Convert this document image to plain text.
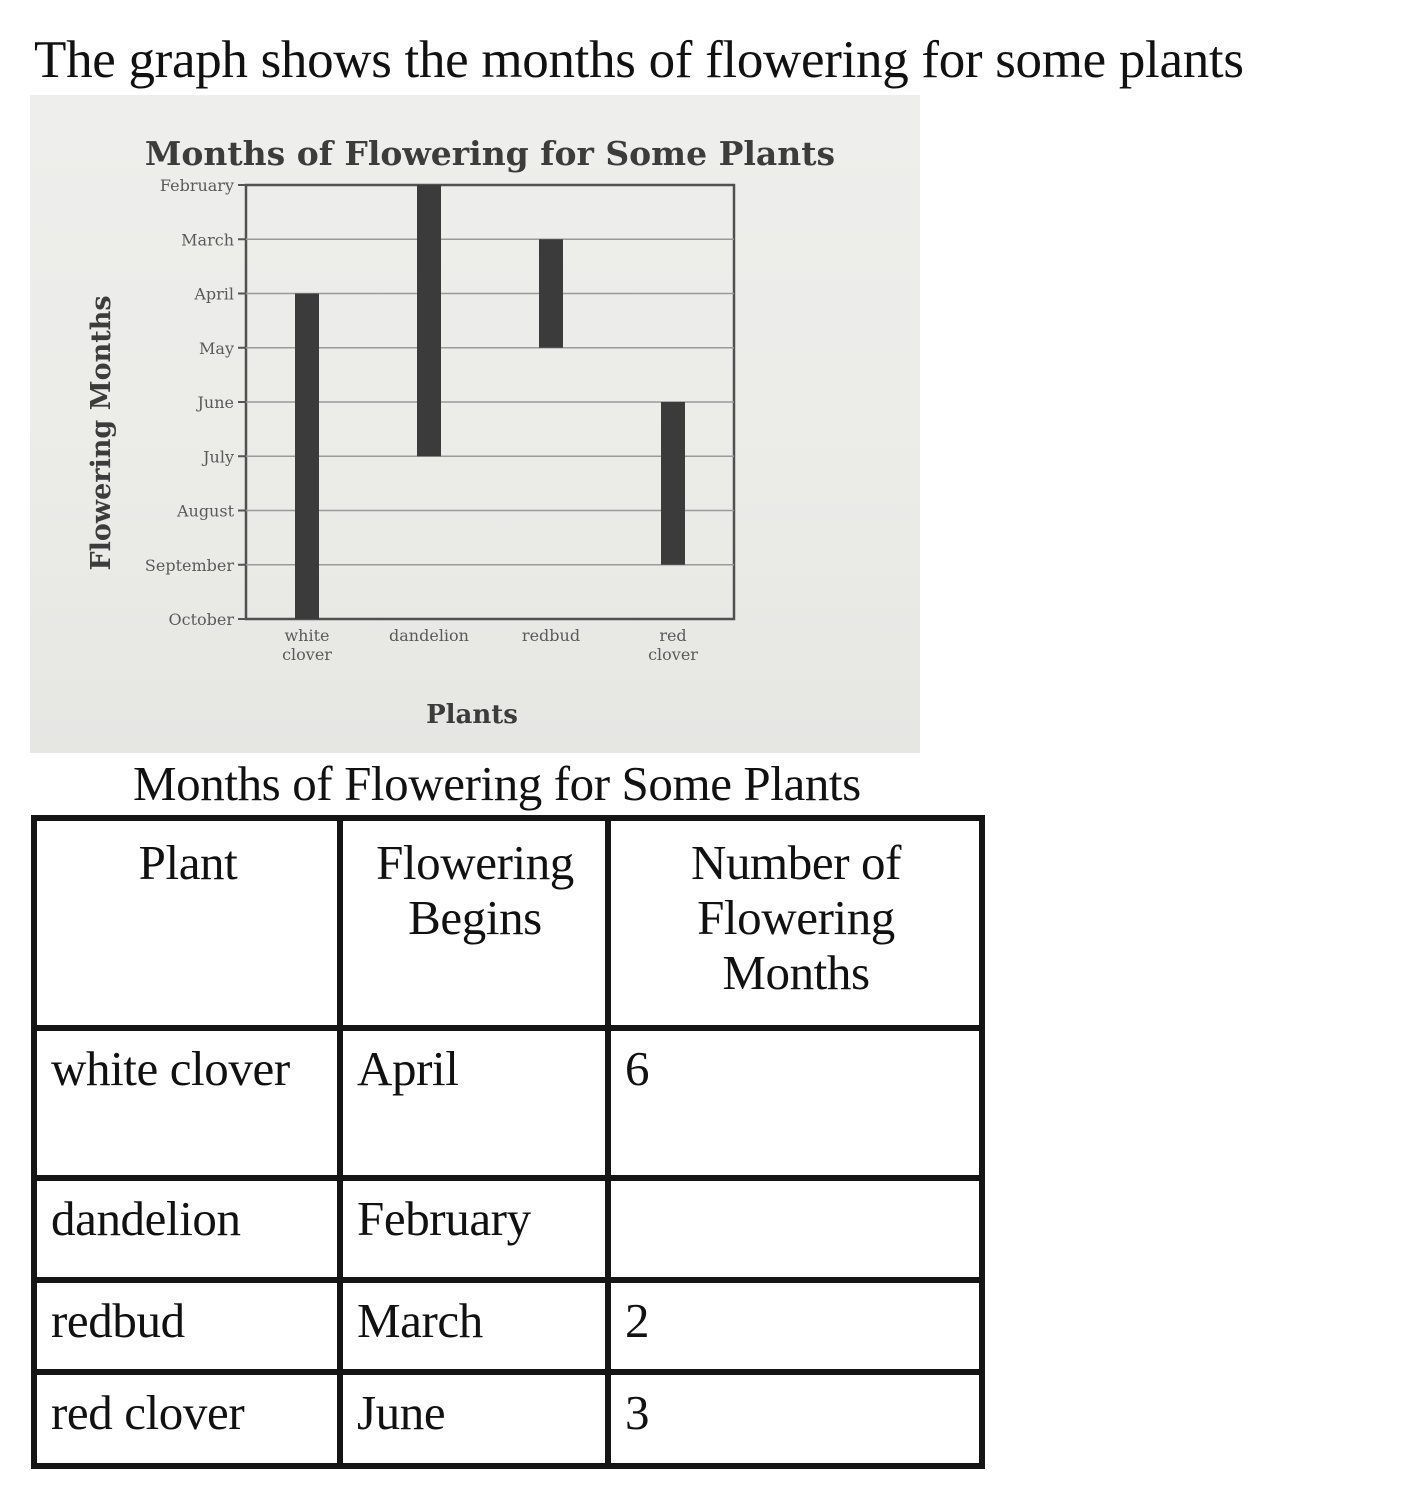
The graph shows the months of flowering for some plants
Months of Flowering for Some Plants
Flowering Months
Plants
February
March
April
May
June
July
August
September
October
white clover
dandelion	redbud	red clover
Months of Flowering for Some Plants
Plant	Flowering Begins	Number of Flowering Months
white clover	April	6
dandelion	February	
redbud	March	2
red clover	June	3
